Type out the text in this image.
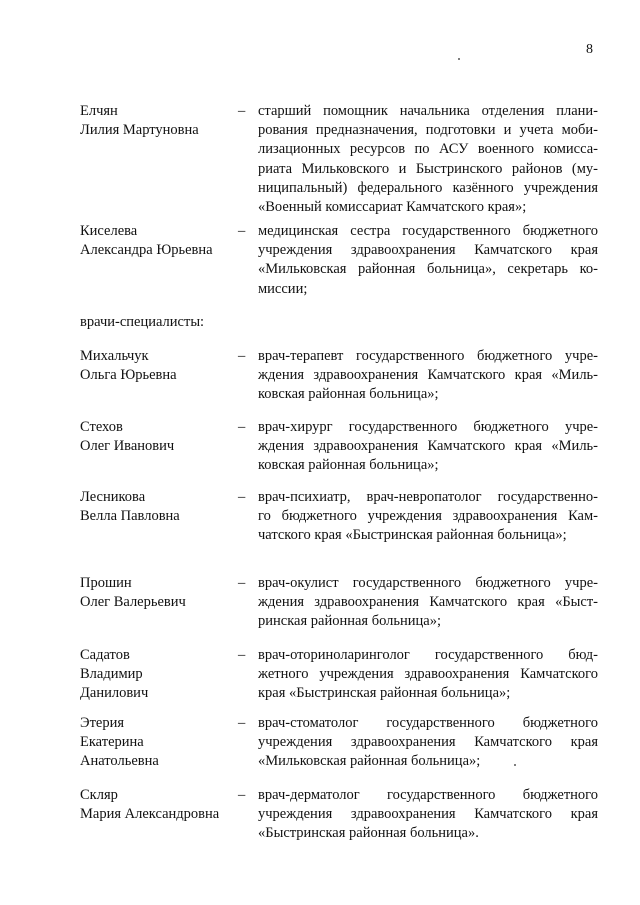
8
Елчян
Лилия Мартуновна
– старший помощник начальника отделения плани-
рования предназначения, подготовки и учета моби-
лизационных ресурсов по АСУ военного комисса-
риата Мильковского и Быстринского районов (му-
ниципальный) федерального казённого учреждения
«Военный комиссариат Камчатского края»;
Киселева
Александра Юрьевна
– медицинская сестра государственного бюджетного
учреждения здравоохранения Камчатского края
«Мильковская районная больница», секретарь ко-
миссии;
врачи-специалисты:
Михальчук
Ольга Юрьевна
– врач-терапевт государственного бюджетного учре-
ждения здравоохранения Камчатского края «Миль-
ковская районная больница»;
Стехов
Олег Иванович
– врач-хирург государственного бюджетного учре-
ждения здравоохранения Камчатского края «Миль-
ковская районная больница»;
Лесникова
Велла Павловна
– врач-психиатр, врач-невропатолог государственно-
го бюджетного учреждения здравоохранения Кам-
чатского края «Быстринская районная больница»;
Прошин
Олег Валерьевич
– врач-окулист государственного бюджетного учре-
ждения здравоохранения Камчатского края «Быст-
ринская районная больница»;
Садатов
Владимир
Данилович
– врач-оториноларинголог государственного бюд-
жетного учреждения здравоохранения Камчатского
края «Быстринская районная больница»;
Этерия
Екатерина
Анатольевна
– врач-стоматолог государственного бюджетного
учреждения здравоохранения Камчатского края
«Мильковская районная больница»;
Скляр
Мария Александровна
– врач-дерматолог государственного бюджетного
учреждения здравоохранения Камчатского края
«Быстринская районная больница».
